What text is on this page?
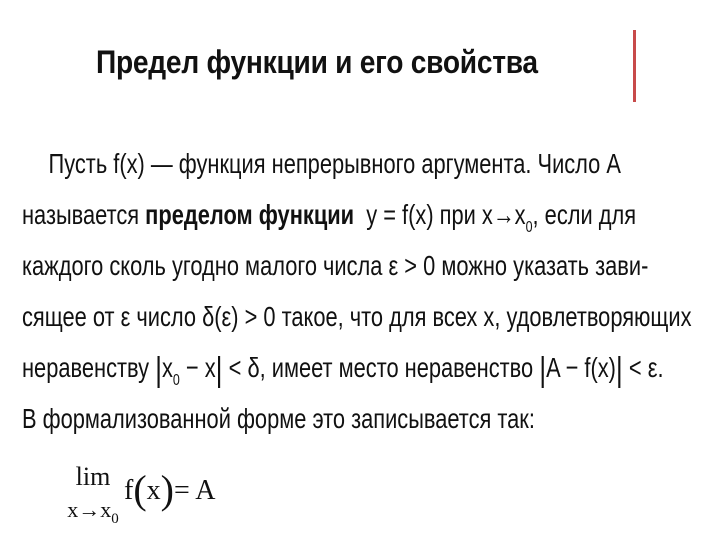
Предел функции и его свойства
Пусть f(x) — функция непрерывного аргумента. Число A
называется пределом функции y = f(x) при $x\to x_0$, если для
каждого сколь угодно малого числа ε > 0 можно указать зави-
сящее от ε число δ(ε) > 0 такое, что для всех x, удовлетворяющих
неравенству $|x_0 - x| < \delta$, имеет место неравенство |A − f(x)| < ε.
В формализованной форме это записывается так:
lim
$x\to x_0$
f(x)= A
